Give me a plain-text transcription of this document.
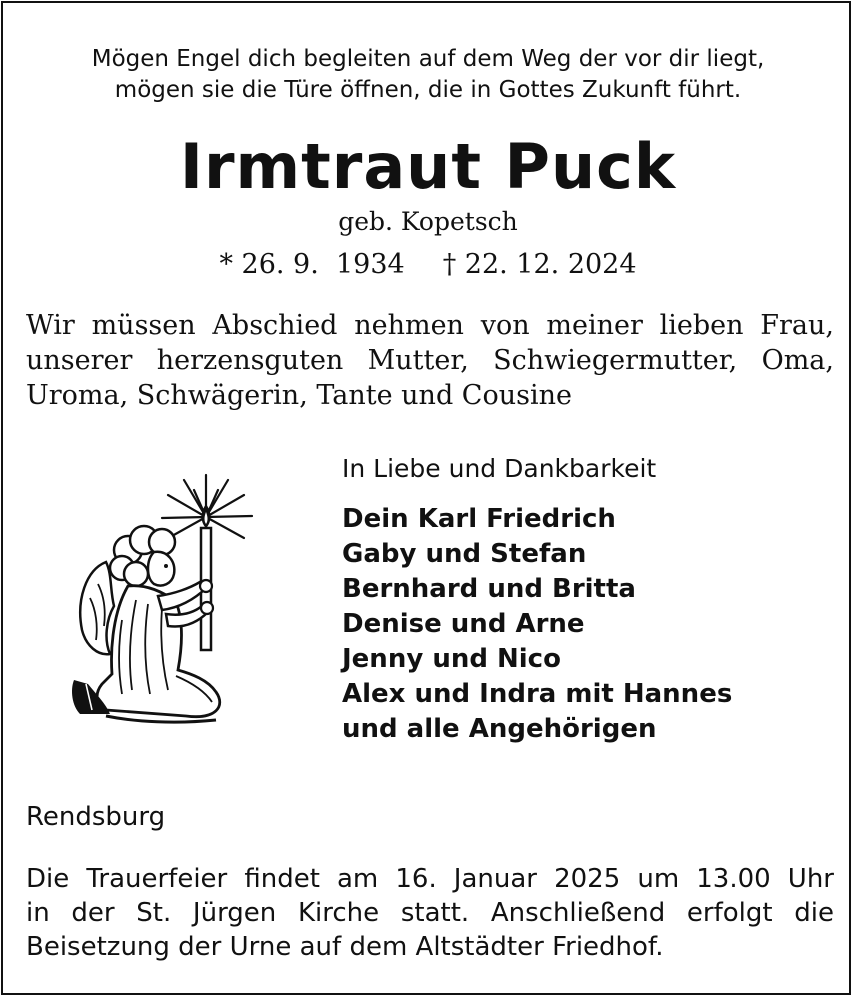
Mögen Engel dich begleiten auf dem Weg der vor dir liegt,
mögen sie die Türe öffnen, die in Gottes Zukunft führt.
Irmtraut Puck
geb. Kopetsch
* 26. 9.  1934 † 22. 12. 2024
Wir müssen Abschied nehmen von meiner lieben Frau,
unserer herzensguten Mutter, Schwiegermutter, Oma,
Uroma, Schwägerin, Tante und Cousine
In Liebe und Dankbarkeit
Dein Karl Friedrich
Gaby und Stefan
Bernhard und Britta
Denise und Arne
Jenny und Nico
Alex und Indra mit Hannes
und alle Angehörigen
Rendsburg
Die Trauerfeier findet am 16. Januar 2025 um 13.00 Uhr
in der St. Jürgen Kirche statt. Anschließend erfolgt die
Beisetzung der Urne auf dem Altstädter Friedhof.
